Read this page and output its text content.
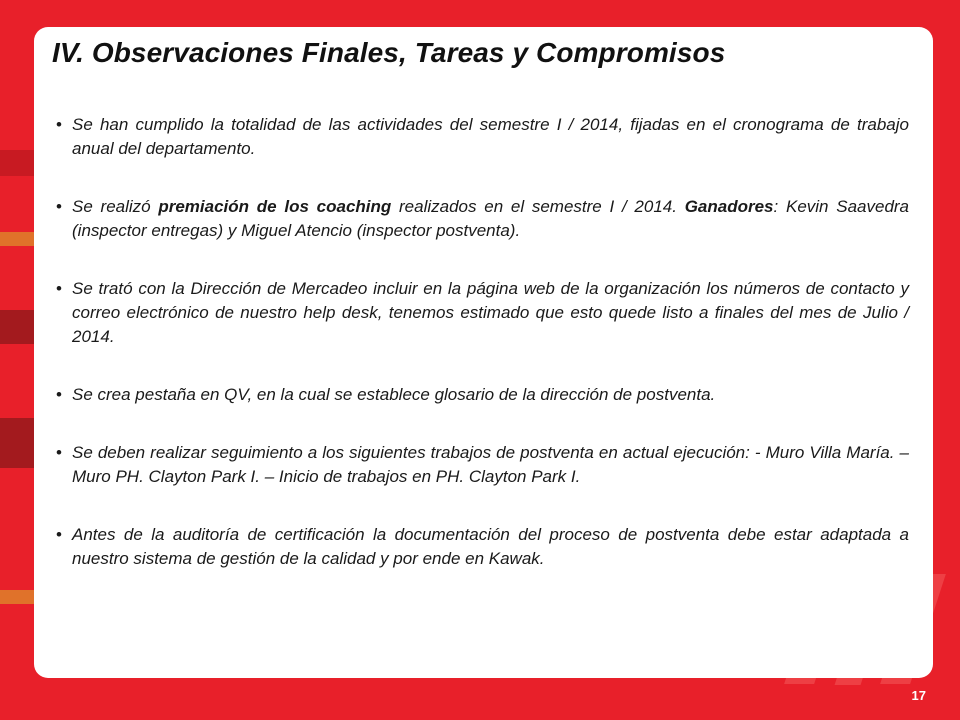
IV. Observaciones Finales, Tareas y Compromisos
• Se han cumplido la totalidad de las actividades del semestre I / 2014, fijadas en el cronograma de trabajo anual del departamento.
• Se realizó premiación de los coaching realizados en el semestre I / 2014. Ganadores: Kevin Saavedra (inspector entregas) y Miguel Atencio (inspector postventa).
• Se trató con la Dirección de Mercadeo incluir en la página web de la organización los números de contacto y correo electrónico de nuestro help desk, tenemos estimado que esto quede listo a finales del mes de Julio / 2014.
• Se crea pestaña en QV, en la cual se establece glosario de la dirección de postventa.
• Se deben realizar seguimiento a los siguientes trabajos de postventa en actual ejecución: - Muro Villa María. – Muro PH. Clayton Park I. – Inicio de trabajos en PH. Clayton Park I.
• Antes de la auditoría de certificación la documentación del proceso de postventa debe estar adaptada a nuestro sistema de gestión de la calidad y por ende en Kawak.
17
